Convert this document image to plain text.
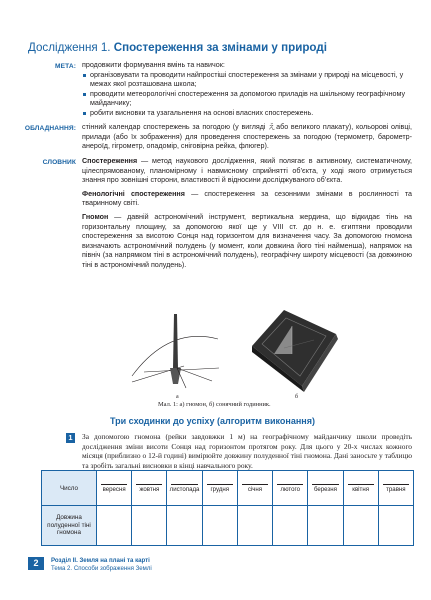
Дослідження 1. Спостереження за змінами у природі
МЕТА: продовжити формування вмінь та навичок:
організовувати та проводити найпростіші спостереження за змінами у природі на місцевості, у межах якої розташована школа;
проводити метеорологічні спостереження за допомогою приладів на шкільному географічному майданчику;
робити висновки та узагальнення на основі власних спостережень.
ОБЛАДНАННЯ: стінний календар спостережень за погодою (у вигляді えaбо великого плакату), кольорові олівці, прилади (або їх зображення) для проведення спостережень за погодою (термометр, барометр-анероїд, гігрометр, опадомір, сніговірна рейка, флюгер).
СЛОВНИК Спостереження — метод наукового дослідження, який полягає в активному, систематичному, цілеспрямованому, планомірному і навмисному сприйнятті об’єкта, у ході якого отримується знання про зовнішні сторони, властивості й відносини досліджуваного об’єкта.

Фенологічні спостереження — спостереження за сезонними змінами в рослинності та тваринному світі.

Гномон — давній астрономічний інструмент, вертикальна жердина, що відкидає тінь на горизонтальну площину, за допомогою якої ще у VIII ст. до н. е. єгиптяни проводили спостереження за висотою Сонця над горизонтом для визначення часу. За допомогою гномона визначають астрономічний полудень (у момент, коли довжина його тіні найменша), напрямок на північ (за напрямком тіні в астрономічний полудень), географічну широту місцевості (за довжиною тіні в астрономічний полудень).

а	б
Мал. 1: а) гномон, б) сонячний годинник.
Три сходинки до успіху (алгоритм виконання)
1	За допомогою гномона (рейки завдовжки 1 м) на географічному майданчику школи проведіть дослідження зміни висоти Сонця над горизонтом протягом року. Для цього у 20-х числах кожного місяця (приблизно о 12-й годині) вимірюйте довжину полуденної тіні гномона. Дані заносьте у таблицю та зробіть загальні висновки в кінці навчального року.

Число	вересня	жовтня	листопада	грудня	січня	лютого	березня	квітня	травня
Довжина полуденної тіні гномона									
2	Розділ II. Земля на плані та карті
Тема 2. Способи зображення Землі
